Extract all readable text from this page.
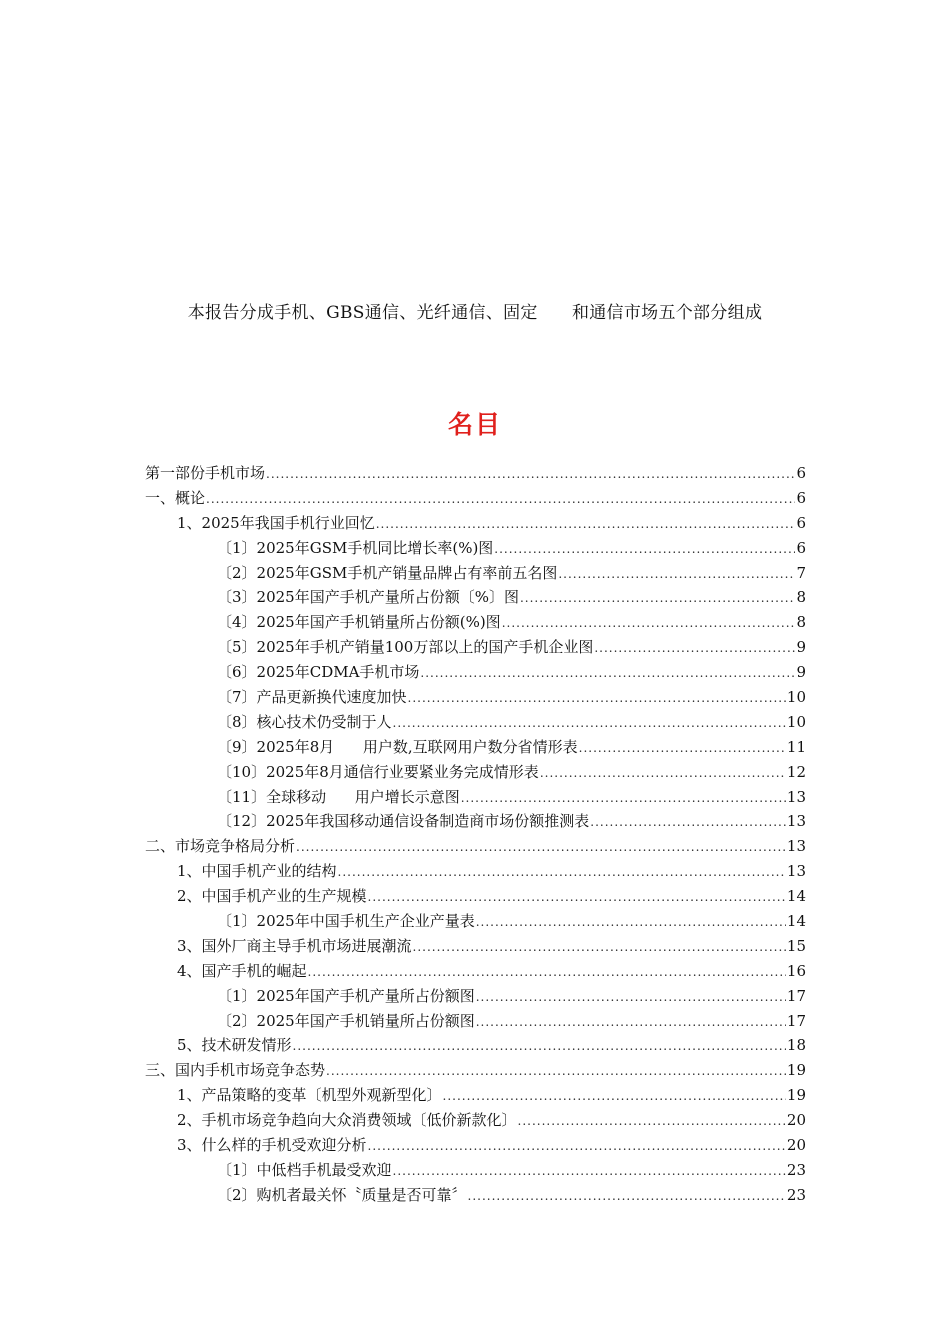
本报告分成手机、GBS通信、光纤通信、固定      和通信市场五个部分组成
名目
第一部份手机市场 .....	6
一、概论 .....	6
1、2025年我国手机行业回忆 .....	6
〔1〕2025年GSM手机同比增长率(%)图 .....	6
〔2〕2025年GSM手机产销量品牌占有率前五名图 .....	7
〔3〕2025年国产手机产量所占份额〔%〕图 .....	8
〔4〕2025年国产手机销量所占份额(%)图 .....	8
〔5〕2025年手机产销量100万部以上的国产手机企业图 .....	9
〔6〕2025年CDMA手机市场 .....	9
〔7〕产品更新换代速度加快 .....	10
〔8〕核心技术仍受制于人 .....	10
〔9〕2025年8月      用户数,互联网用户数分省情形表 .....	11
〔10〕2025年8月通信行业要紧业务完成情形表 .....	12
〔11〕全球移动      用户增长示意图 .....	13
〔12〕2025年我国移动通信设备制造商市场份额推测表 .....	13
二、市场竞争格局分析 .....	13
1、中国手机产业的结构 .....	13
2、中国手机产业的生产规模 .....	14
〔1〕2025年中国手机生产企业产量表 .....	14
3、国外厂商主导手机市场进展潮流 .....	15
4、国产手机的崛起 .....	16
〔1〕2025年国产手机产量所占份额图 .....	17
〔2〕2025年国产手机销量所占份额图 .....	17
5、技术研发情形 .....	18
三、国内手机市场竞争态势 .....	19
1、产品策略的变革〔机型外观新型化〕 .....	19
2、手机市场竞争趋向大众消费领域〔低价新款化〕 .....	20
3、什么样的手机受欢迎分析 .....	20
〔1〕中低档手机最受欢迎 .....	23
〔2〕购机者最关怀〝质量是否可靠〞 .....	23
